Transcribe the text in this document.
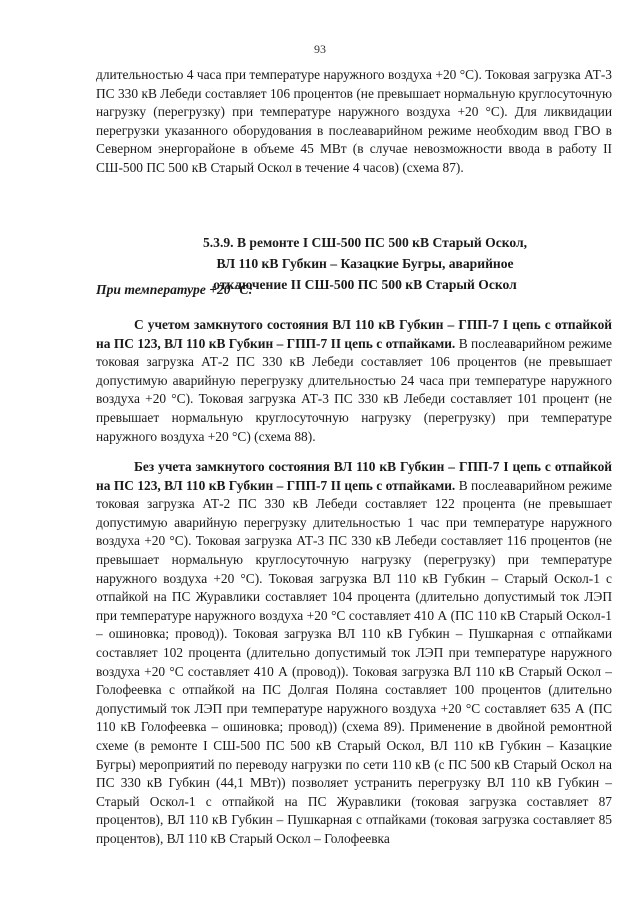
93

длительностью 4 часа при температуре наружного воздуха +20 °С). Токовая загрузка АТ-3 ПС 330 кВ Лебеди составляет 106 процентов (не превышает нормальную круглосуточную нагрузку (перегрузку) при температуре наружного воздуха +20 °С). Для ликвидации перегрузки указанного оборудования в послеаварийном режиме необходим ввод ГВО в Северном энергорайоне в объеме 45 МВт (в случае невозможности ввода в работу II СШ-500 ПС 500 кВ Старый Оскол в течение 4 часов) (схема 87).

5.3.9. В ремонте I СШ-500 ПС 500 кВ Старый Оскол,
ВЛ 110 кВ Губкин – Казацкие Бугры, аварийное
отключение II СШ-500 ПС 500 кВ Старый Оскол
При температуре +20 °С:

С учетом замкнутого состояния ВЛ 110 кВ Губкин – ГПП-7 I цепь с отпайкой на ПС 123, ВЛ 110 кВ Губкин – ГПП-7 II цепь с отпайками. В послеаварийном режиме токовая загрузка АТ-2 ПС 330 кВ Лебеди составляет 106 процентов (не превышает допустимую аварийную перегрузку длительностью 24 часа при температуре наружного воздуха +20 °С). Токовая загрузка АТ-3 ПС 330 кВ Лебеди составляет 101 процент (не превышает нормальную круглосуточную нагрузку (перегрузку) при температуре наружного воздуха +20 °С) (схема 88).

Без учета замкнутого состояния ВЛ 110 кВ Губкин – ГПП-7 I цепь с отпайкой на ПС 123, ВЛ 110 кВ Губкин – ГПП-7 II цепь с отпайками. В послеаварийном режиме токовая загрузка АТ-2 ПС 330 кВ Лебеди составляет 122 процента (не превышает допустимую аварийную перегрузку длительностью 1 час при температуре наружного воздуха +20 °С). Токовая загрузка АТ-3 ПС 330 кВ Лебеди составляет 116 процентов (не превышает нормальную круглосуточную нагрузку (перегрузку) при температуре наружного воздуха +20 °С). Токовая загрузка ВЛ 110 кВ Губкин – Старый Оскол-1 с отпайкой на ПС Журавлики составляет 104 процента (длительно допустимый ток ЛЭП при температуре наружного воздуха +20 °С составляет 410 А (ПС 110 кВ Старый Оскол-1 – ошиновка; провод)). Токовая загрузка ВЛ 110 кВ Губкин – Пушкарная с отпайками составляет 102 процента (длительно допустимый ток ЛЭП при температуре наружного воздуха +20 °С составляет 410 А (провод)). Токовая загрузка ВЛ 110 кВ Старый Оскол – Голофеевка с отпайкой на ПС Долгая Поляна составляет 100 процентов (длительно допустимый ток ЛЭП при температуре наружного воздуха +20 °С составляет 635 А (ПС 110 кВ Голофеевка – ошиновка; провод)) (схема 89). Применение в двойной ремонтной схеме (в ремонте I СШ-500 ПС 500 кВ Старый Оскол, ВЛ 110 кВ Губкин – Казацкие Бугры) мероприятий по переводу нагрузки по сети 110 кВ (с ПС 500 кВ Старый Оскол на ПС 330 кВ Губкин (44,1 МВт)) позволяет устранить перегрузку ВЛ 110 кВ Губкин – Старый Оскол-1 с отпайкой на ПС Журавлики (токовая загрузка составляет 87 процентов), ВЛ 110 кВ Губкин – Пушкарная с отпайками (токовая загрузка составляет 85 процентов), ВЛ 110 кВ Старый Оскол – Голофеевка
